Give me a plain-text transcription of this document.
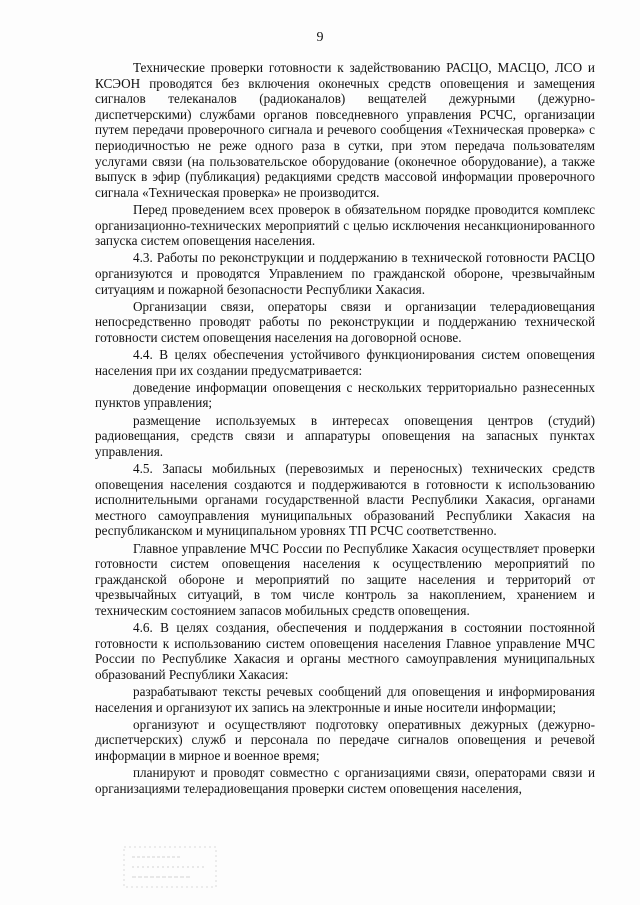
9

Технические проверки готовности к задействованию РАСЦО, МАСЦО, ЛСО и КСЭОН проводятся без включения оконечных средств оповещения и замещения сигналов телеканалов (радиоканалов) вещателей дежурными (дежурно-диспетчерскими) службами органов повседневного управления РСЧС, организации путем передачи проверочного сигнала и речевого сообщения «Техническая проверка» с периодичностью не реже одного раза в сутки, при этом передача пользователям услугами связи (на пользовательское оборудование (оконечное оборудование), а также выпуск в эфир (публикация) редакциями средств массовой информации проверочного сигнала «Техническая проверка» не производится.

Перед проведением всех проверок в обязательном порядке проводится комплекс организационно-технических мероприятий с целью исключения несанкционированного запуска систем оповещения населения.

4.3. Работы по реконструкции и поддержанию в технической готовности РАСЦО организуются и проводятся Управлением по гражданской обороне, чрезвычайным ситуациям и пожарной безопасности Республики Хакасия.

Организации связи, операторы связи и организации телерадиовещания непосредственно проводят работы по реконструкции и поддержанию технической готовности систем оповещения населения на договорной основе.

4.4. В целях обеспечения устойчивого функционирования систем оповещения населения при их создании предусматривается:

доведение информации оповещения с нескольких территориально разнесенных пунктов управления;

размещение используемых в интересах оповещения центров (студий) радиовещания, средств связи и аппаратуры оповещения на запасных пунктах управления.

4.5. Запасы мобильных (перевозимых и переносных) технических средств оповещения населения создаются и поддерживаются в готовности к использованию исполнительными органами государственной власти Республики Хакасия, органами местного самоуправления муниципальных образований Республики Хакасия на республиканском и муниципальном уровнях ТП РСЧС соответственно.

Главное управление МЧС России по Республике Хакасия осуществляет проверки готовности систем оповещения населения к осуществлению мероприятий по гражданской обороне и мероприятий по защите населения и территорий от чрезвычайных ситуаций, в том числе контроль за накоплением, хранением и техническим состоянием запасов мобильных средств оповещения.

4.6. В целях создания, обеспечения и поддержания в состоянии постоянной готовности к использованию систем оповещения населения Главное управление МЧС России по Республике Хакасия и органы местного самоуправления муниципальных образований Республики Хакасия:

разрабатывают тексты речевых сообщений для оповещения и информирования населения и организуют их запись на электронные и иные носители информации;

организуют и осуществляют подготовку оперативных дежурных (дежурно-диспетчерских) служб и персонала по передаче сигналов оповещения и речевой информации в мирное и военное время;

планируют и проводят совместно с организациями связи, операторами связи и организациями телерадиовещания проверки систем оповещения населения,
